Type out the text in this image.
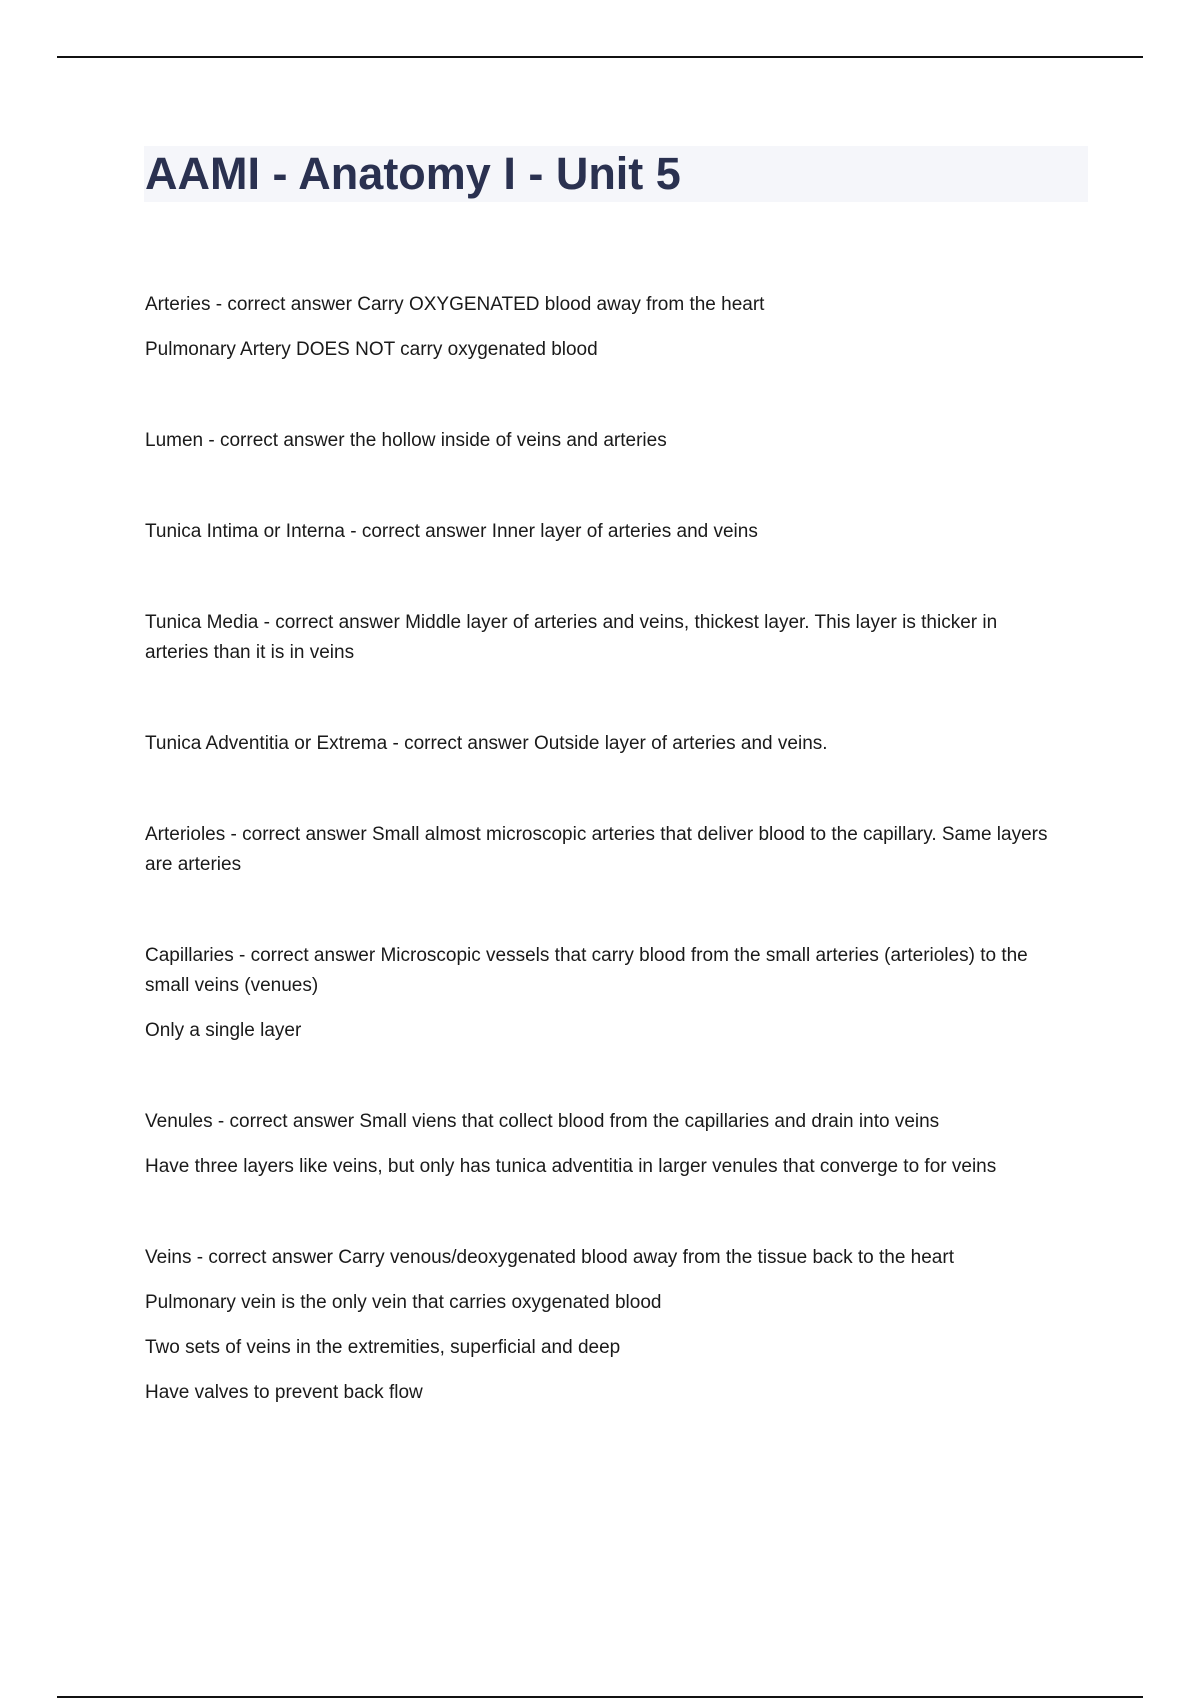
AAMI - Anatomy I - Unit 5

Arteries - correct answer Carry OXYGENATED blood away from the heart

Pulmonary Artery DOES NOT carry oxygenated blood

Lumen - correct answer the hollow inside of veins and arteries

Tunica Intima or Interna - correct answer Inner layer of arteries and veins

Tunica Media - correct answer Middle layer of arteries and veins, thickest layer. This layer is thicker in arteries than it is in veins

Tunica Adventitia or Extrema - correct answer Outside layer of arteries and veins.

Arterioles - correct answer Small almost microscopic arteries that deliver blood to the capillary. Same layers are arteries

Capillaries - correct answer Microscopic vessels that carry blood from the small arteries (arterioles) to the small veins (venues)

Only a single layer

Venules - correct answer Small viens that collect blood from the capillaries and drain into veins

Have three layers like veins, but only has tunica adventitia in larger venules that converge to for veins

Veins - correct answer Carry venous/deoxygenated blood away from the tissue back to the heart

Pulmonary vein is the only vein that carries oxygenated blood

Two sets of veins in the extremities, superficial and deep

Have valves to prevent back flow
